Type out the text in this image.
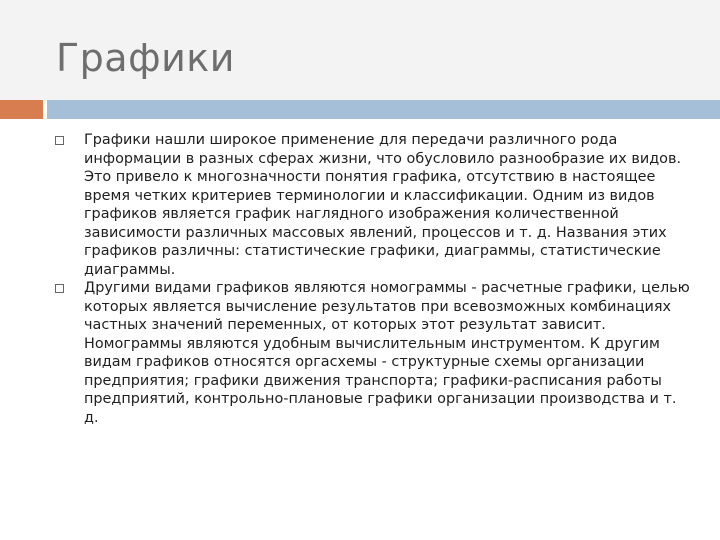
Графики
Графики нашли широкое применение для передачи различного рода информации в разных сферах жизни, что обусловило разнообразие их видов. Это привело к многозначности понятия графика, отсутствию в настоящее время четких критериев терминологии и классификации. Одним из видов графиков является график наглядного изображения количественной зависимости различных массовых явлений, процессов и т. д. Названия этих графиков различны: статистические графики, диаграммы, статистические диаграммы.
Другими видами графиков являются номограммы - расчетные графики, целью которых является вычисление результатов при всевозможных комбинациях частных значений переменных, от которых этот результат зависит. Номограммы являются удобным вычислительным инструментом. К другим видам графиков относятся оргасхемы - структурные схемы организации предприятия; графики движения транспорта; графики-расписания работы предприятий, контрольно-плановые графики организации производства и т. д.
